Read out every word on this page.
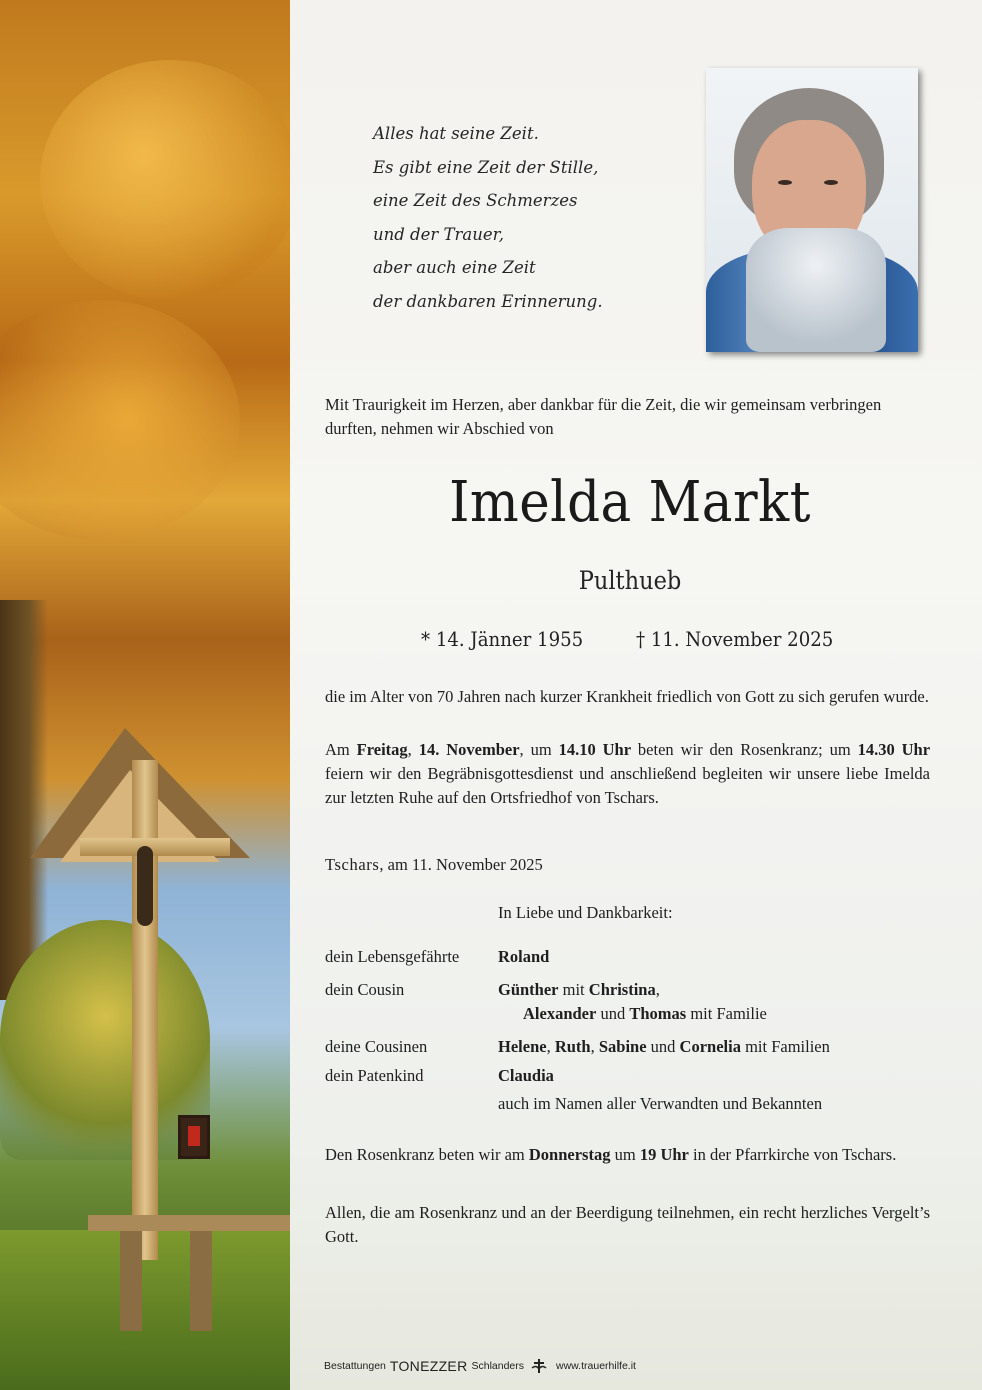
Alles hat seine Zeit.
Es gibt eine Zeit der Stille,
eine Zeit des Schmerzes
und der Trauer,
aber auch eine Zeit
der dankbaren Erinnerung.
Mit Traurigkeit im Herzen, aber dankbar für die Zeit, die wir gemeinsam verbringen durften, nehmen wir Abschied von
Imelda Markt
Pulthueb
* 14. Jänner 1955	† 11. November 2025
die im Alter von 70 Jahren nach kurzer Krankheit friedlich von Gott zu sich gerufen wurde.
Am Freitag, 14. November, um 14.10 Uhr beten wir den Rosenkranz; um 14.30 Uhr feiern wir den Begräbnisgottesdienst und anschließend begleiten wir unsere liebe Imelda zur letzten Ruhe auf den Ortsfriedhof von Tschars.
Tschars, am 11. November 2025
In Liebe und Dankbarkeit:
dein Lebensgefährte	Roland
dein Cousin	Günther mit Christina,
Alexander und Thomas mit Familie
deine Cousinen	Helene, Ruth, Sabine und Cornelia mit Familien
dein Patenkind	Claudia
auch im Namen aller Verwandten und Bekannten
Den Rosenkranz beten wir am Donnerstag um 19 Uhr in der Pfarrkirche von Tschars.
Allen, die am Rosenkranz und an der Beerdigung teilnehmen, ein recht herzliches Vergelt’s Gott.
Bestattungen TONEZZER Schlanders	www.trauerhilfe.it
